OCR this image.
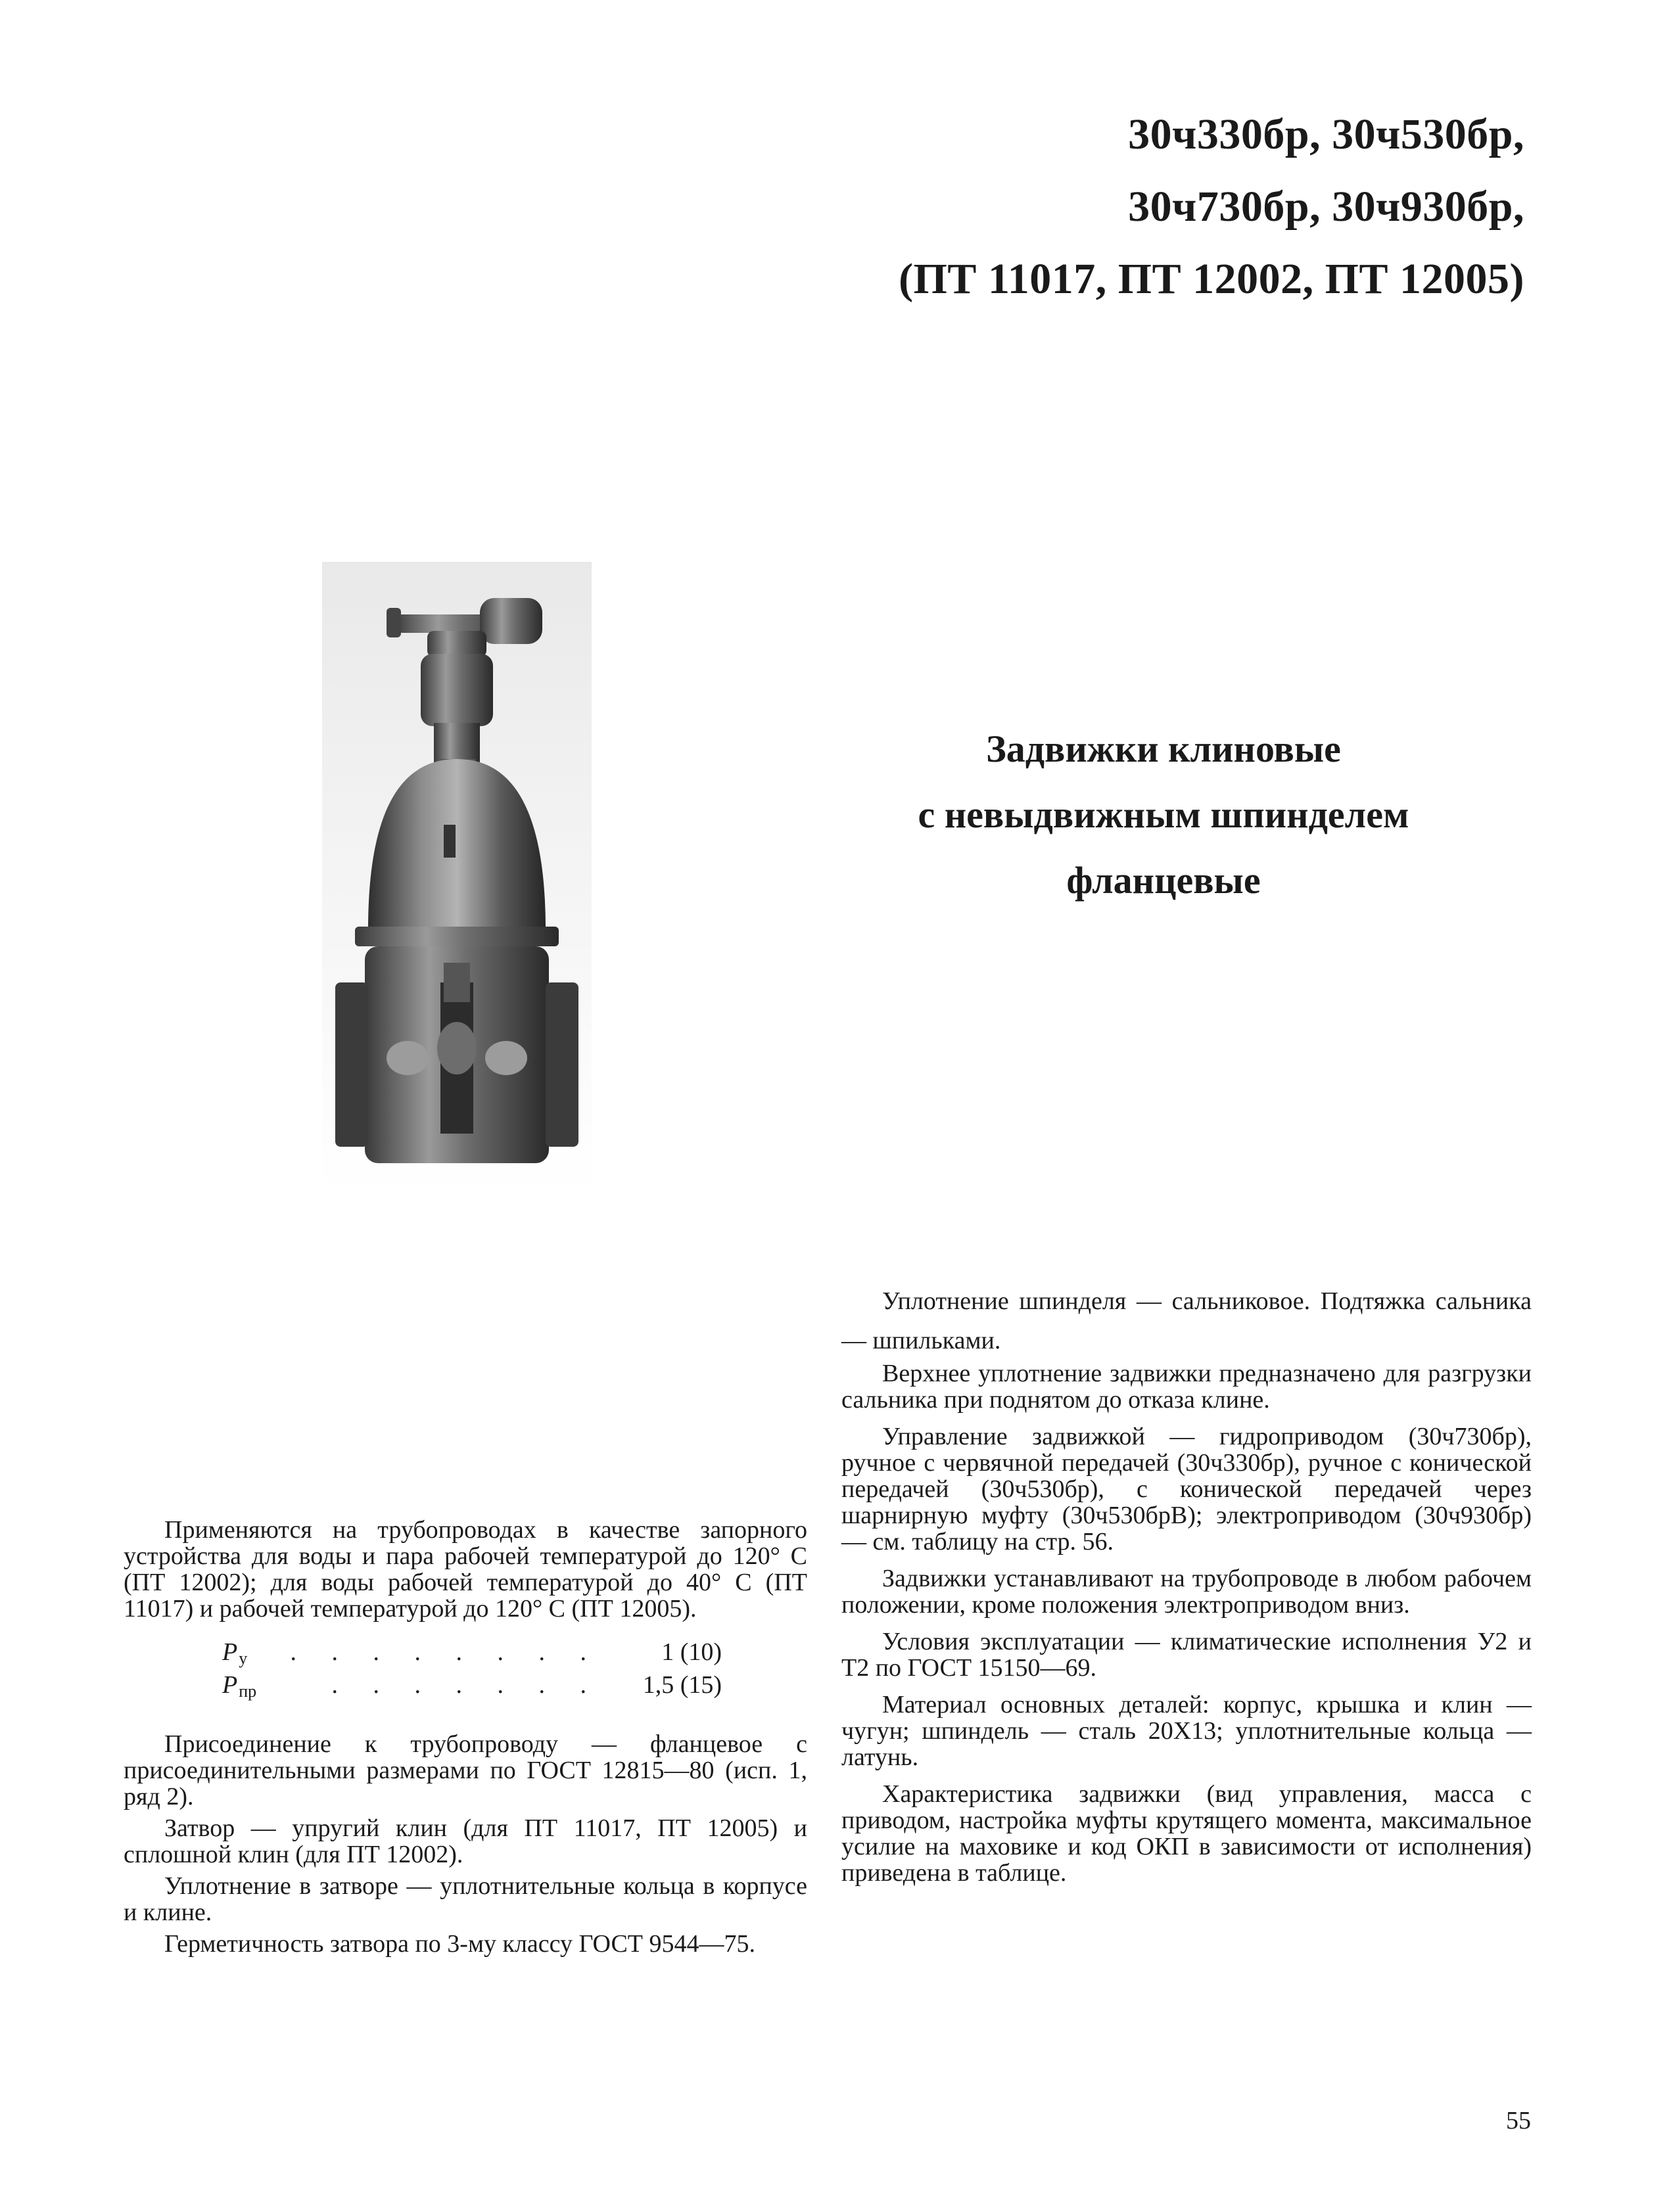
30ч330бр, 30ч530бр,
30ч730бр, 30ч930бр,
(ПТ 11017, ПТ 12002, ПТ 12005)
Задвижки клиновые
с невыдвижным шпинделем
фланцевые

Уплотнение шпинделя — сальниковое. Подтяжка сальника — шпильками.

Верхнее уплотнение задвижки предназначено для разгрузки сальника при поднятом до отказа клине.

Управление задвижкой — гидроприводом (30ч730бр), ручное с червячной передачей (30ч330бр), ручное с конической передачей (30ч530бр), с конической передачей через шарнирную муфту (30ч530брВ); электроприводом (30ч930бр) — см. таблицу на стр. 56.

Задвижки устанавливают на трубопроводе в любом рабочем положении, кроме положения электроприводом вниз.

Условия эксплуатации — климатические исполнения У2 и Т2 по ГОСТ 15150—69.

Материал основных деталей: корпус, крышка и клин — чугун; шпиндель — сталь 20Х13; уплотнительные кольца — латунь.

Характеристика задвижки (вид управления, масса с приводом, настройка муфты крутящего момента, максимальное усилие на маховике и код ОКП в зависимости от исполнения) приведена в таблице.

Применяются на трубопроводах в качестве запорного устройства для воды и пара рабочей температурой до 120° С (ПТ 12002); для воды рабочей температурой до 40° С (ПТ 11017) и рабочей температурой до 120° С (ПТ 12005).

$P_у$	. . . . . . . .	1 (10)
$P_{пр}$	. . . . . . .	1,5 (15)

Присоединение к трубопроводу — фланцевое с присоединительными размерами по ГОСТ 12815—80 (исп. 1, ряд 2).

Затвор — упругий клин (для ПТ 11017, ПТ 12005) и сплошной клин (для ПТ 12002).

Уплотнение в затворе — уплотнительные кольца в корпусе и клине.

Герметичность затвора по 3-му классу ГОСТ 9544—75.

55
